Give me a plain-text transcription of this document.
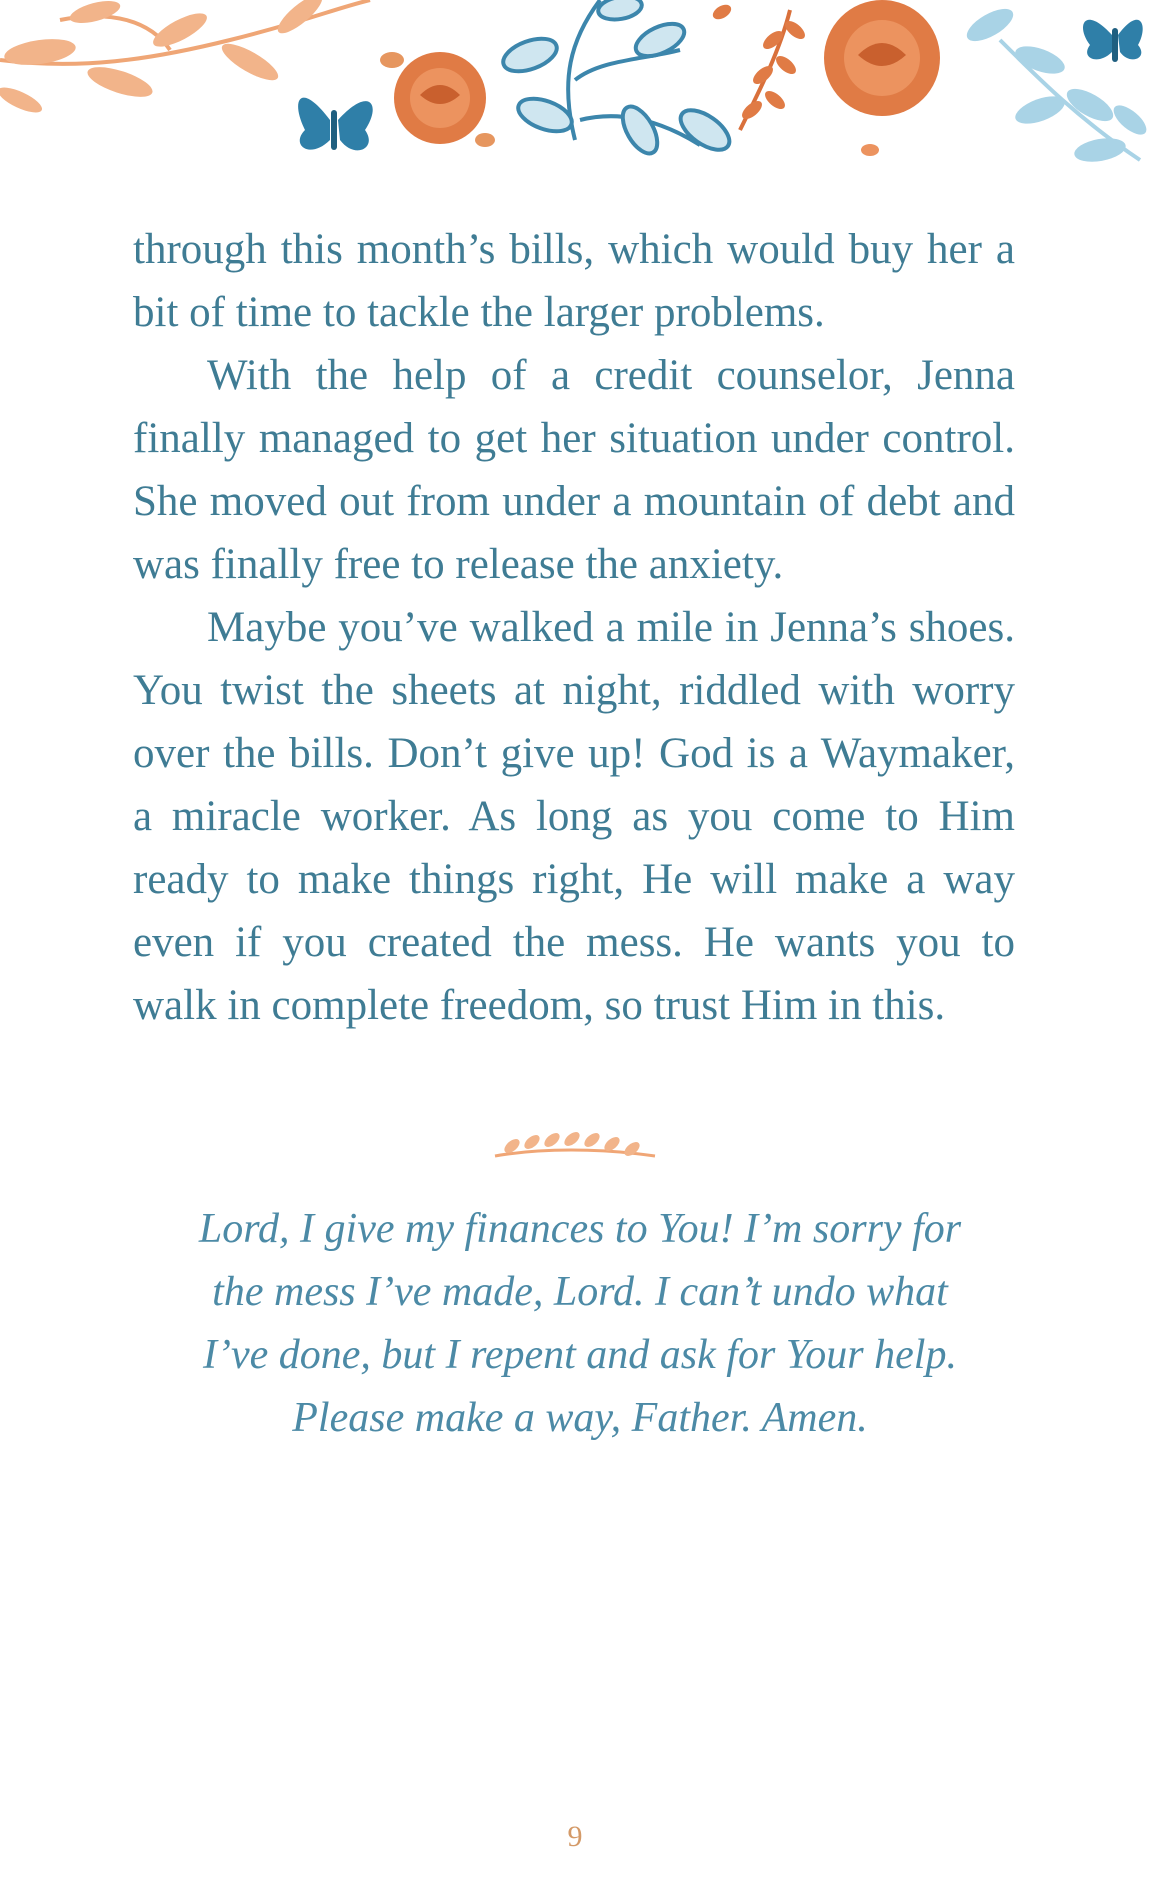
through this month’s bills, which would buy her a bit of time to tackle the larger problems.

With the help of a credit counselor, Jenna finally managed to get her situation under control. She moved out from under a mountain of debt and was finally free to release the anxiety.

Maybe you’ve walked a mile in Jenna’s shoes. You twist the sheets at night, riddled with worry over the bills. Don’t give up! God is a Waymaker, a miracle worker. As long as you come to Him ready to make things right, He will make a way even if you created the mess. He wants you to walk in complete freedom, so trust Him in this.

Lord, I give my finances to You! I’m sorry for
the mess I’ve made, Lord. I can’t undo what
I’ve done, but I repent and ask for Your help.
Please make a way, Father. Amen.
9
